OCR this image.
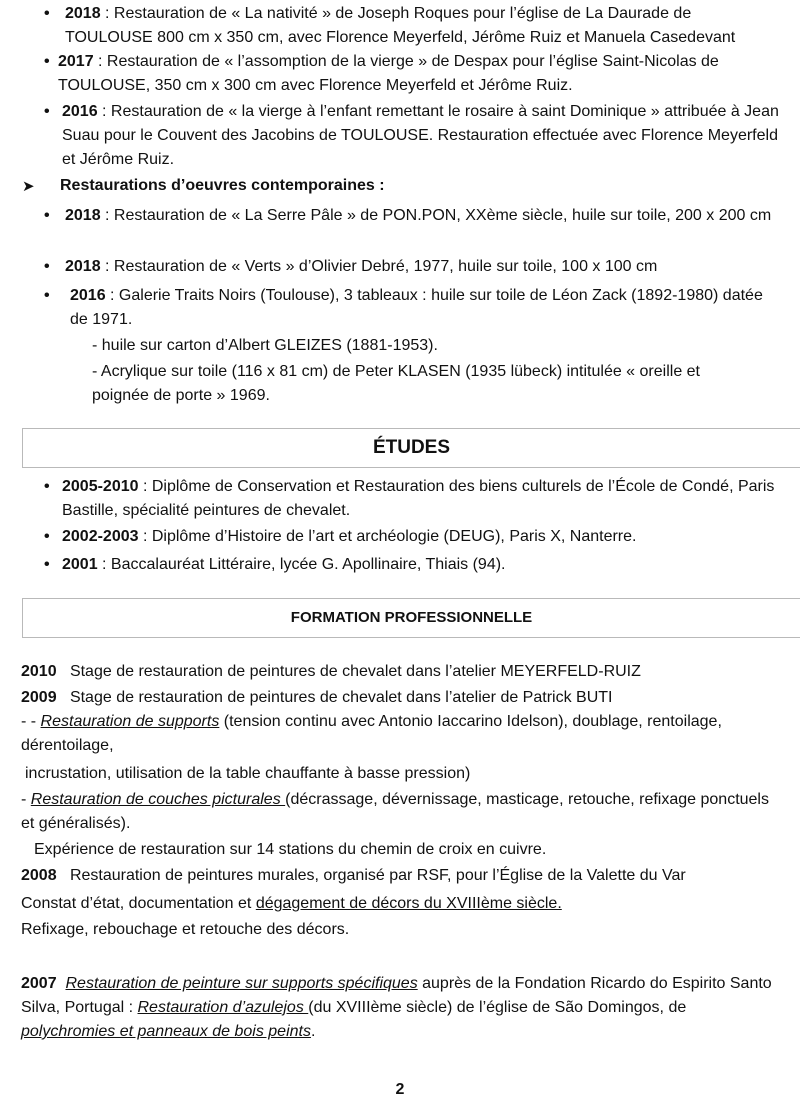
• 2018 : Restauration de « La nativité » de Joseph Roques pour l’église de La Daurade de TOULOUSE 800 cm x 350 cm, avec Florence Meyerfeld, Jérôme Ruiz et Manuela Casedevant
• 2017 : Restauration de « l’assomption de la vierge » de Despax pour l’église Saint-Nicolas de TOULOUSE, 350 cm x 300 cm avec Florence Meyerfeld et Jérôme Ruiz.
• 2016 : Restauration de « la vierge à l’enfant remettant le rosaire à saint Dominique » attribuée à Jean Suau pour le Couvent des Jacobins de TOULOUSE. Restauration effectuée avec Florence Meyerfeld et Jérôme Ruiz.
➤ Restaurations d’oeuvres contemporaines :
• 2018 : Restauration de « La Serre Pâle » de PON.PON, XXème siècle, huile sur toile, 200 x 200 cm
• 2018 : Restauration de « Verts » d’Olivier Debré, 1977, huile sur toile, 100 x 100 cm
• 2016 : Galerie Traits Noirs (Toulouse), 3 tableaux : huile sur toile de Léon Zack (1892-1980) datée de 1971.
- huile sur carton d’Albert GLEIZES (1881-1953).
- Acrylique sur toile (116 x 81 cm) de Peter KLASEN (1935 lübeck) intitulée « oreille et poignée de porte » 1969.
ÉTUDES
• 2005-2010 : Diplôme de Conservation et Restauration des biens culturels de l’École de Condé, Paris Bastille, spécialité peintures de chevalet.
• 2002-2003 : Diplôme d’Histoire de l’art et archéologie (DEUG), Paris X, Nanterre.
• 2001 : Baccalauréat Littéraire, lycée G. Apollinaire, Thiais (94).
FORMATION PROFESSIONNELLE
2010 Stage de restauration de peintures de chevalet dans l’atelier MEYERFELD-RUIZ
2009 Stage de restauration de peintures de chevalet dans l’atelier de Patrick BUTI
- - Restauration de supports (tension continu avec Antonio Iaccarino Idelson), doublage, rentoilage, dérentoilage,
incrustation, utilisation de la table chauffante à basse pression)
- Restauration de couches picturales (décrassage, dévernissage, masticage, retouche, refixage ponctuels et généralisés).
Expérience de restauration sur 14 stations du chemin de croix en cuivre.
2008 Restauration de peintures murales, organisé par RSF, pour l’Église de la Valette du Var
Constat d’état, documentation et dégagement de décors du XVIIIème siècle.
Refixage, rebouchage et retouche des décors.
2007 Restauration de peinture sur supports spécifiques auprès de la Fondation Ricardo do Espirito Santo Silva, Portugal : Restauration d’azulejos (du XVIIIème siècle) de l’église de São Domingos, de polychromies et panneaux de bois peints.
2
